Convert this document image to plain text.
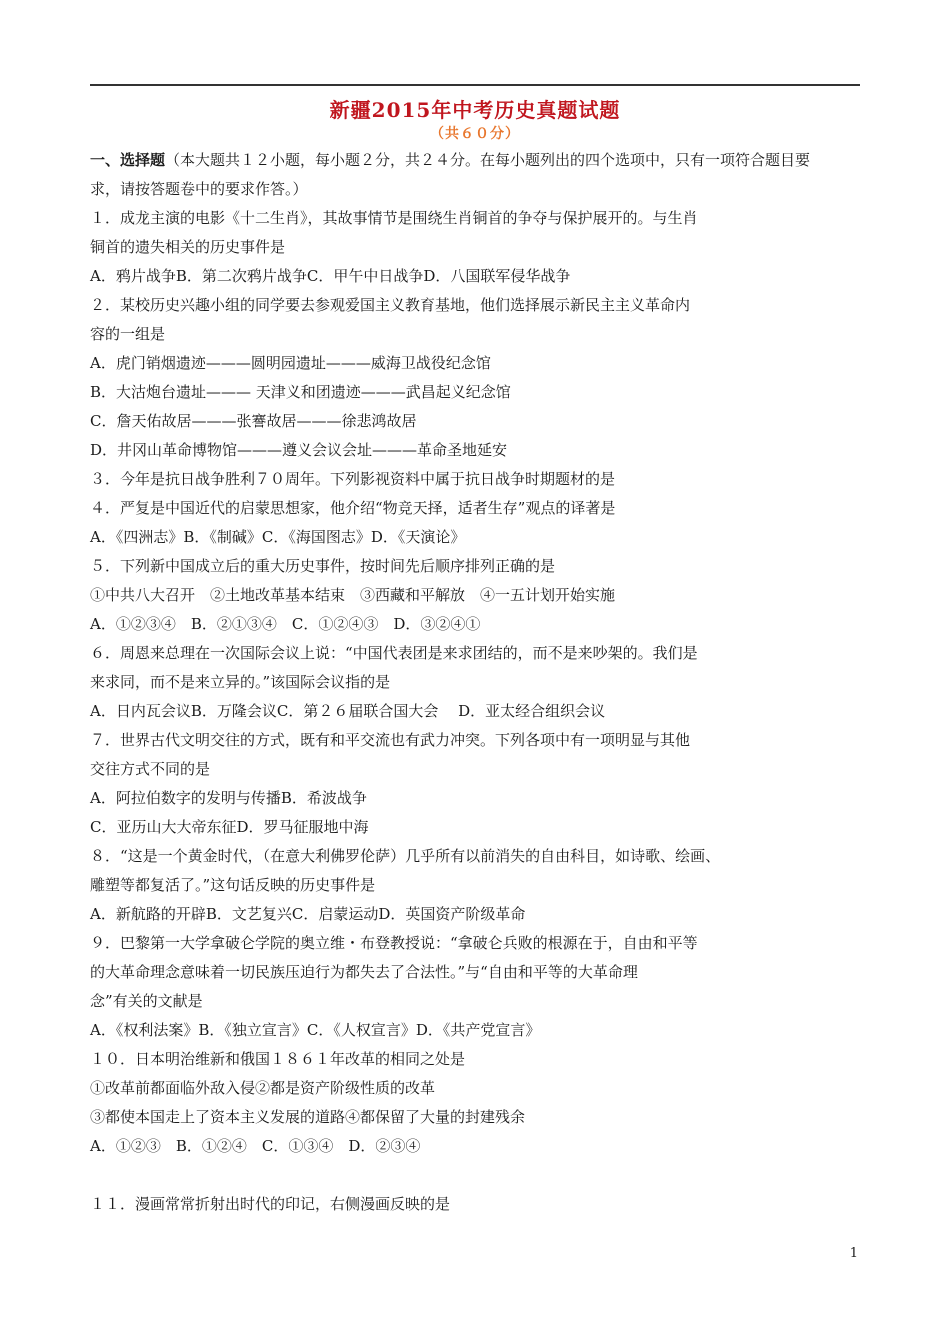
新疆2015年中考历史真题试题
（共６０分）
一、选择题（本大题共１２小题，每小题２分，共２４分。在每小题列出的四个选项中，只有一项符合题目要
求，请按答题卷中的要求作答。）
１．成龙主演的电影《十二生肖》，其故事情节是围绕生肖铜首的争夺与保护展开的。与生肖
铜首的遗失相关的历史事件是
A．鸦片战争B．第二次鸦片战争C．甲午中日战争D．八国联军侵华战争
２．某校历史兴趣小组的同学要去参观爱国主义教育基地，他们选择展示新民主主义革命内
容的一组是
A．虎门销烟遗迹———圆明园遗址———威海卫战役纪念馆
B．大沽炮台遗址——— 天津义和团遗迹———武昌起义纪念馆
C．詹天佑故居———张謇故居———徐悲鸿故居
D．井冈山革命博物馆———遵义会议会址———革命圣地延安
３．今年是抗日战争胜利７０周年。下列影视资料中属于抗日战争时期题材的是
４．严复是中国近代的启蒙思想家，他介绍“物竞天择，适者生存”观点的译著是
A．《四洲志》B．《制碱》C．《海国图志》D．《天演论》
５．下列新中国成立后的重大历史事件，按时间先后顺序排列正确的是
①中共八大召开　②土地改革基本结束　③西藏和平解放　④一五计划开始实施
A．①②③④　B．②①③④　C．①②④③　D．③②④①
６．周恩来总理在一次国际会议上说：“中国代表团是来求团结的，而不是来吵架的。我们是
来求同，而不是来立异的。”该国际会议指的是
A．日内瓦会议B．万隆会议C．第２６届联合国大会　 D．亚太经合组织会议
７．世界古代文明交往的方式，既有和平交流也有武力冲突。下列各项中有一项明显与其他
交往方式不同的是
A．阿拉伯数字的发明与传播B．希波战争
C．亚历山大大帝东征D．罗马征服地中海
８．“这是一个黄金时代，（在意大利佛罗伦萨）几乎所有以前消失的自由科目，如诗歌、绘画、
雕塑等都复活了。”这句话反映的历史事件是
A．新航路的开辟B．文艺复兴C．启蒙运动D．英国资产阶级革命
９．巴黎第一大学拿破仑学院的奥立维・布登教授说：“拿破仑兵败的根源在于，自由和平等
的大革命理念意味着一切民族压迫行为都失去了合法性。”与“自由和平等的大革命理
念”有关的文献是
A．《权利法案》B．《独立宣言》C．《人权宣言》D．《共产党宣言》
１０．日本明治维新和俄国１８６１年改革的相同之处是
①改革前都面临外敌入侵②都是资产阶级性质的改革
③都使本国走上了资本主义发展的道路④都保留了大量的封建残余
A．①②③　B．①②④　C．①③④　D．②③④
１１．漫画常常折射出时代的印记，右侧漫画反映的是
1
